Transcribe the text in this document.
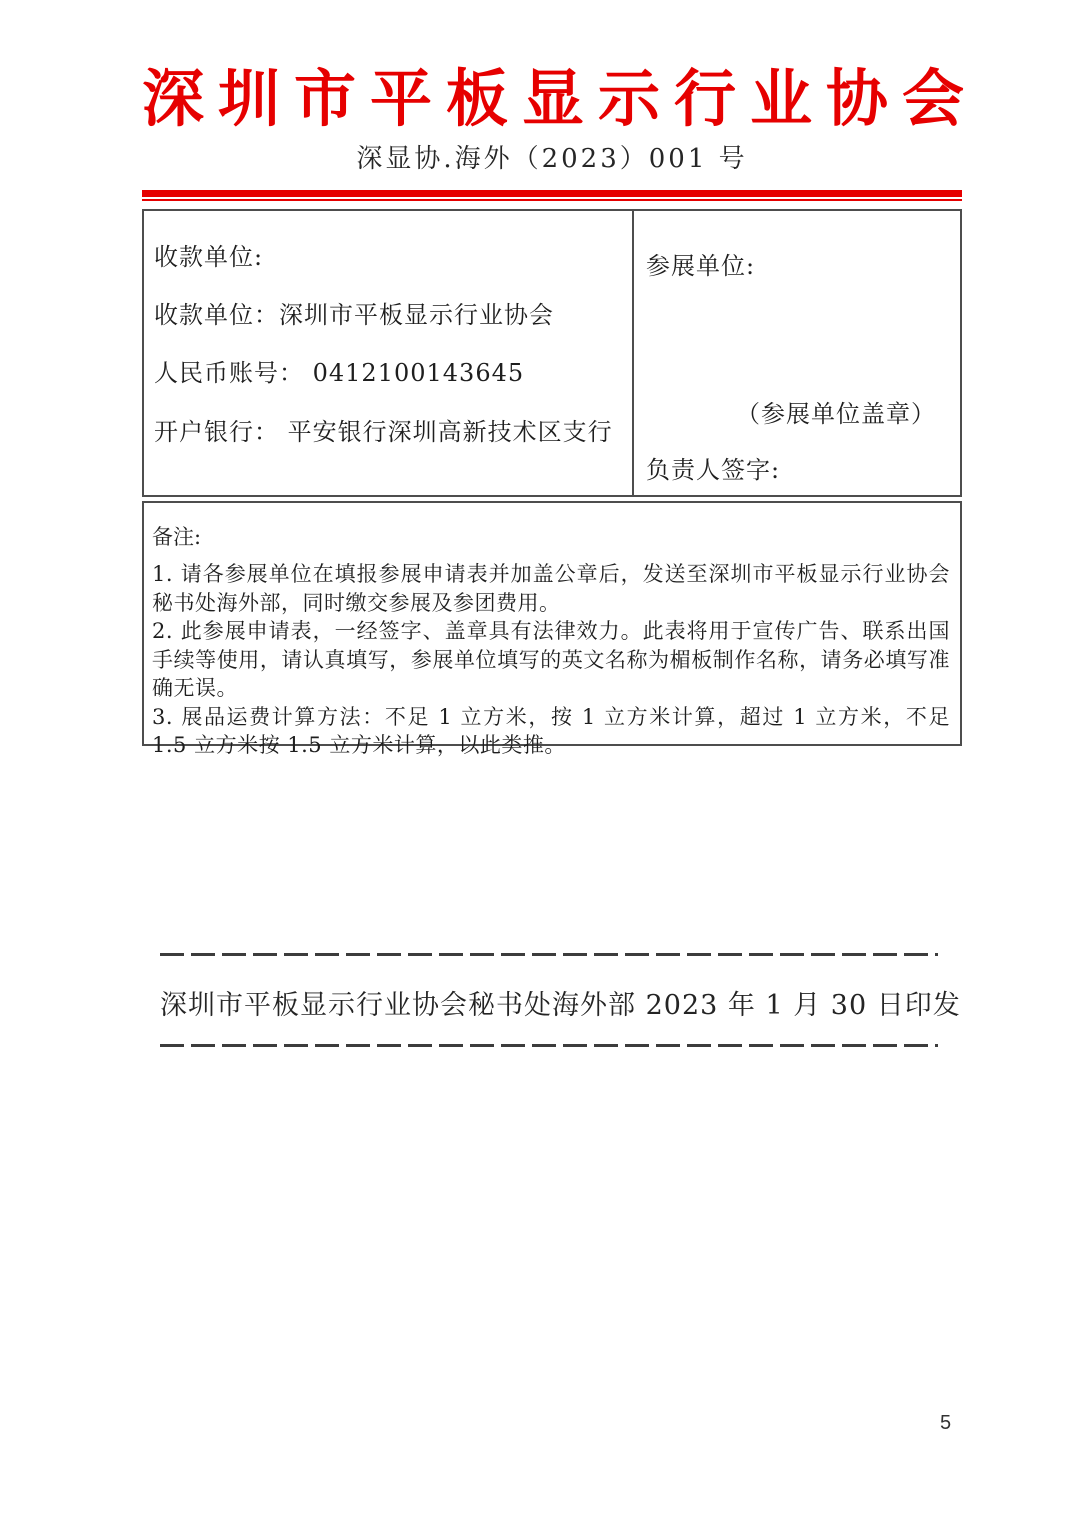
深圳市平板显示行业协会
深显协.海外（2023）001 号

收款单位:

收款单位：深圳市平板显示行业协会

人民币账号： 0412100143645

开户银行： 平安银行深圳高新技术区支行

参展单位:

（参展单位盖章）

负责人签字:

备注:

1. 请各参展单位在填报参展申请表并加盖公章后，发送至深圳市平板显示行业协会秘书处海外部，同时缴交参展及参团费用。

2. 此参展申请表，一经签字、盖章具有法律效力。此表将用于宣传广告、联系出国手续等使用，请认真填写，参展单位填写的英文名称为楣板制作名称，请务必填写准确无误。

3. 展品运费计算方法：不足 1 立方米，按 1 立方米计算，超过 1 立方米，不足 1.5 立方米按 1.5 立方米计算，以此类推。

深圳市平板显示行业协会秘书处海外部 2023 年 1 月 30 日印发
5
